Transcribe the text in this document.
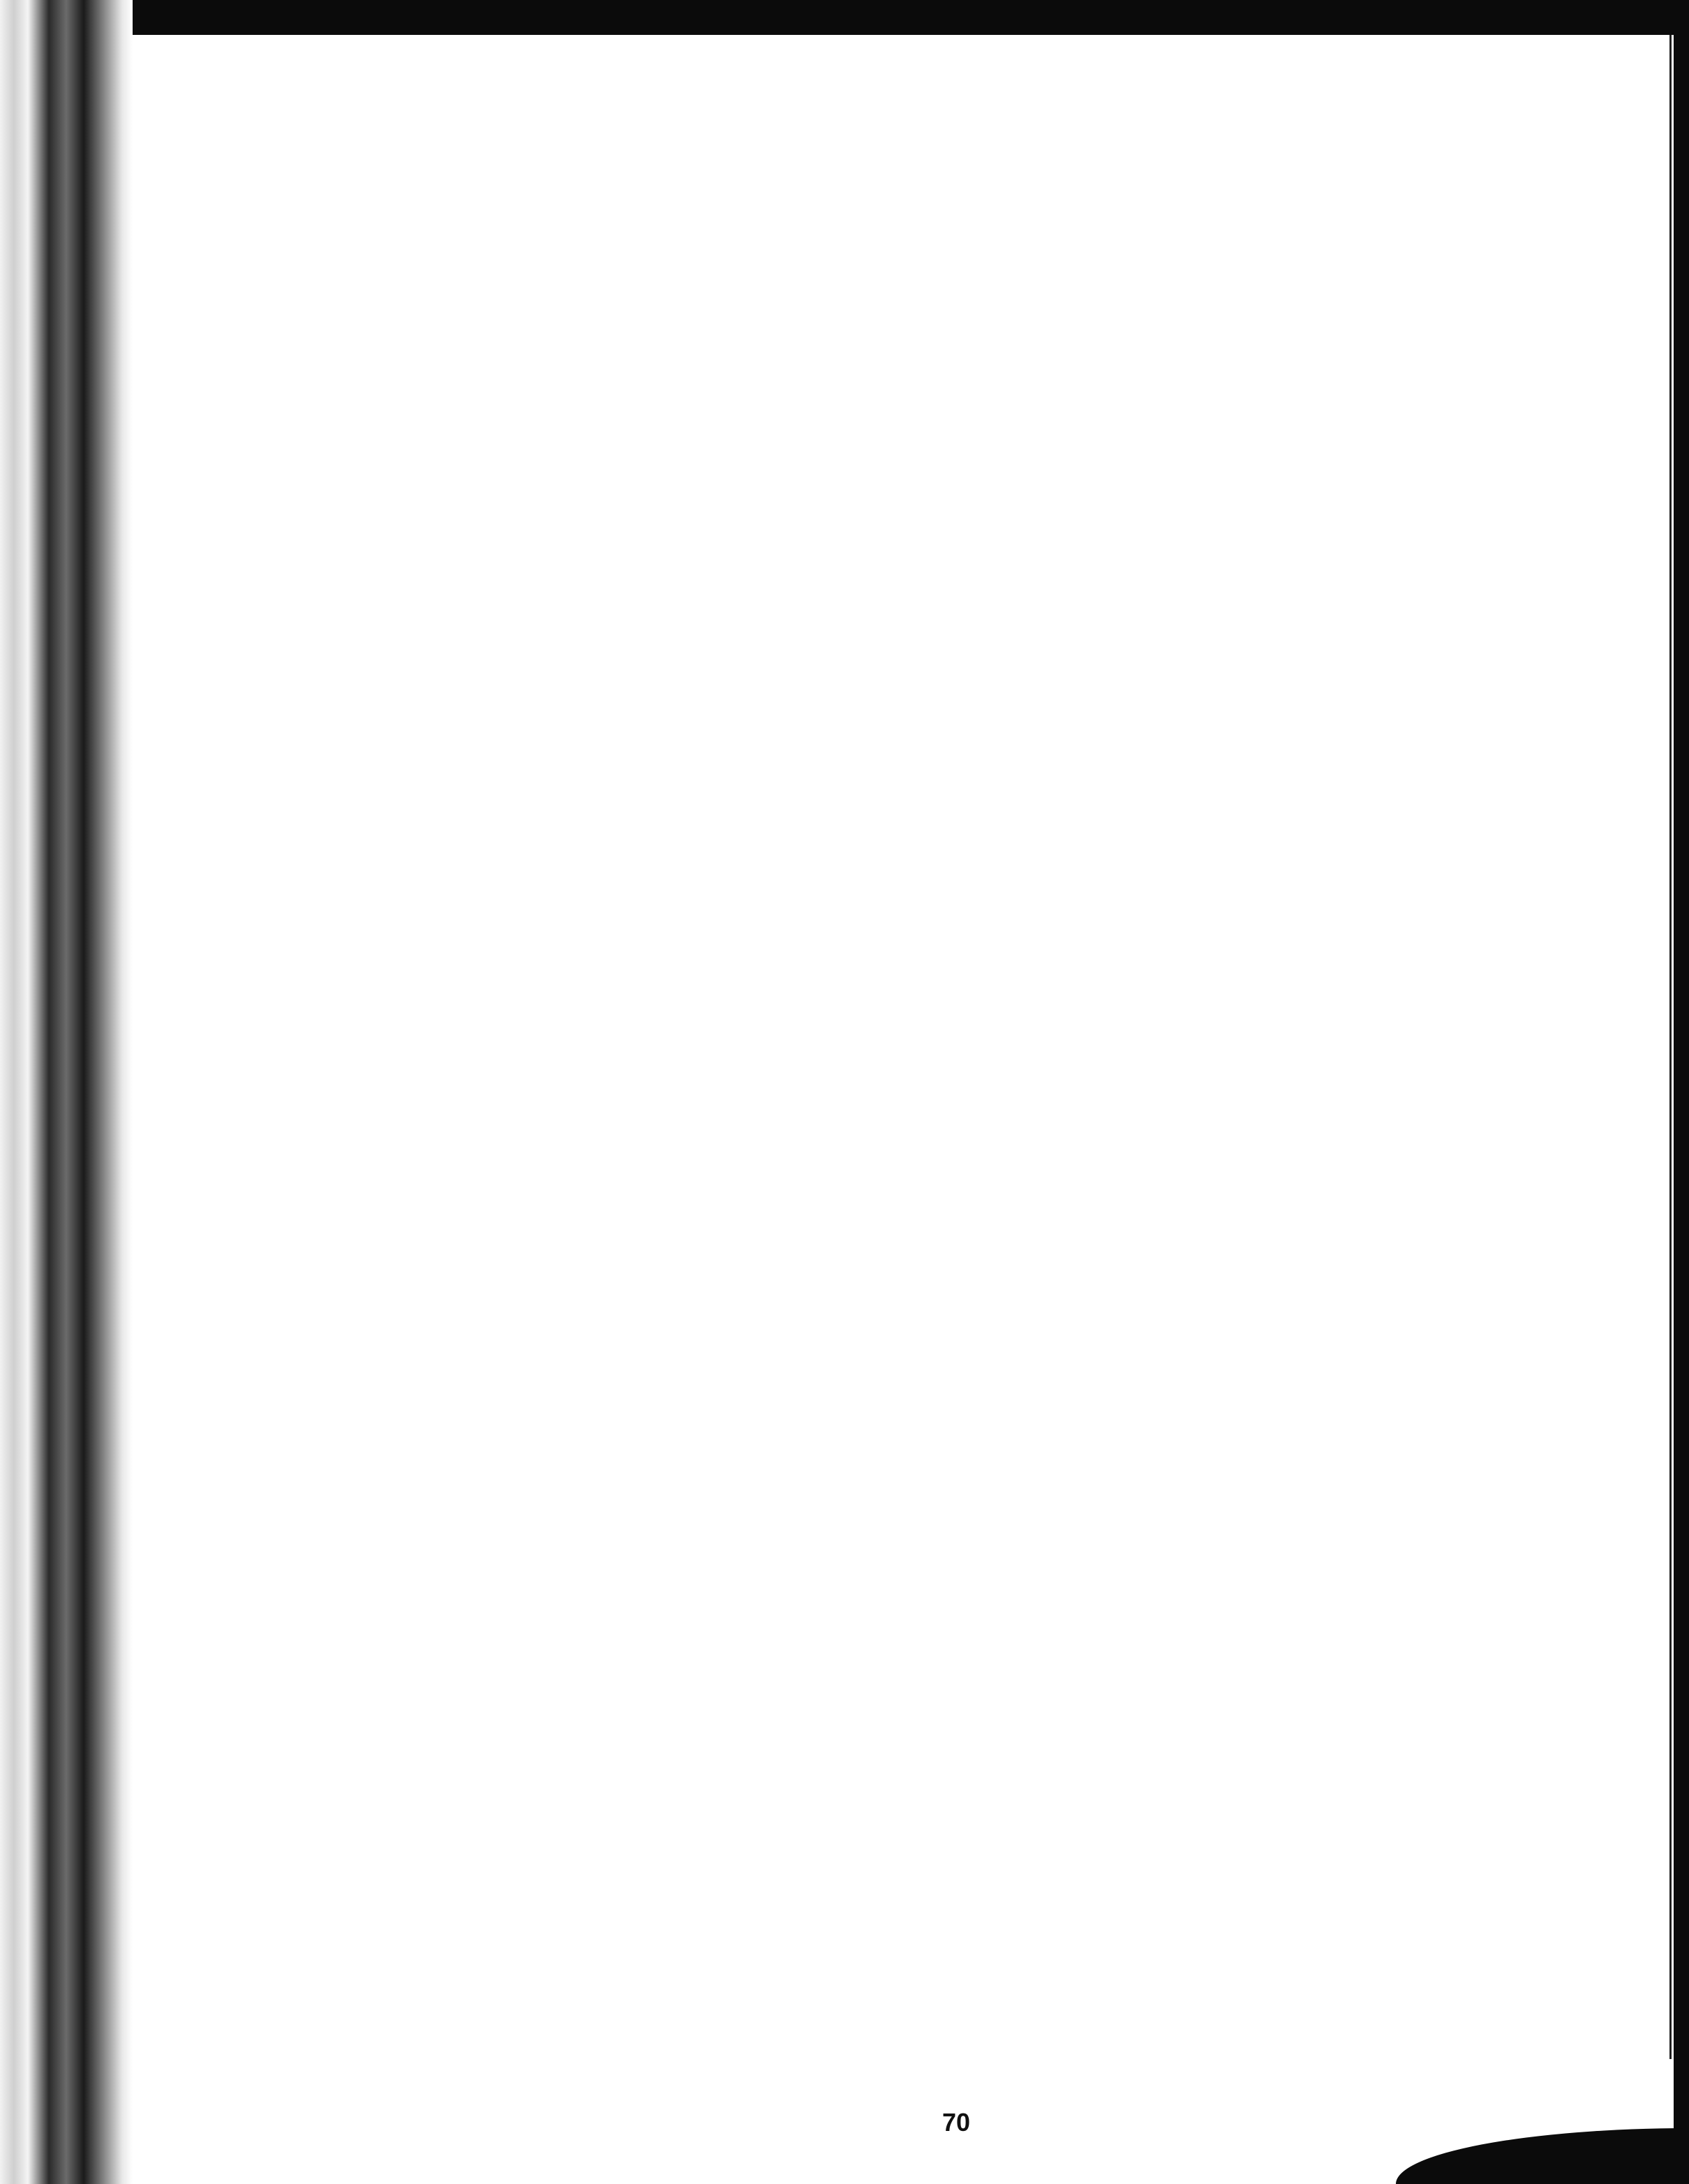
70
